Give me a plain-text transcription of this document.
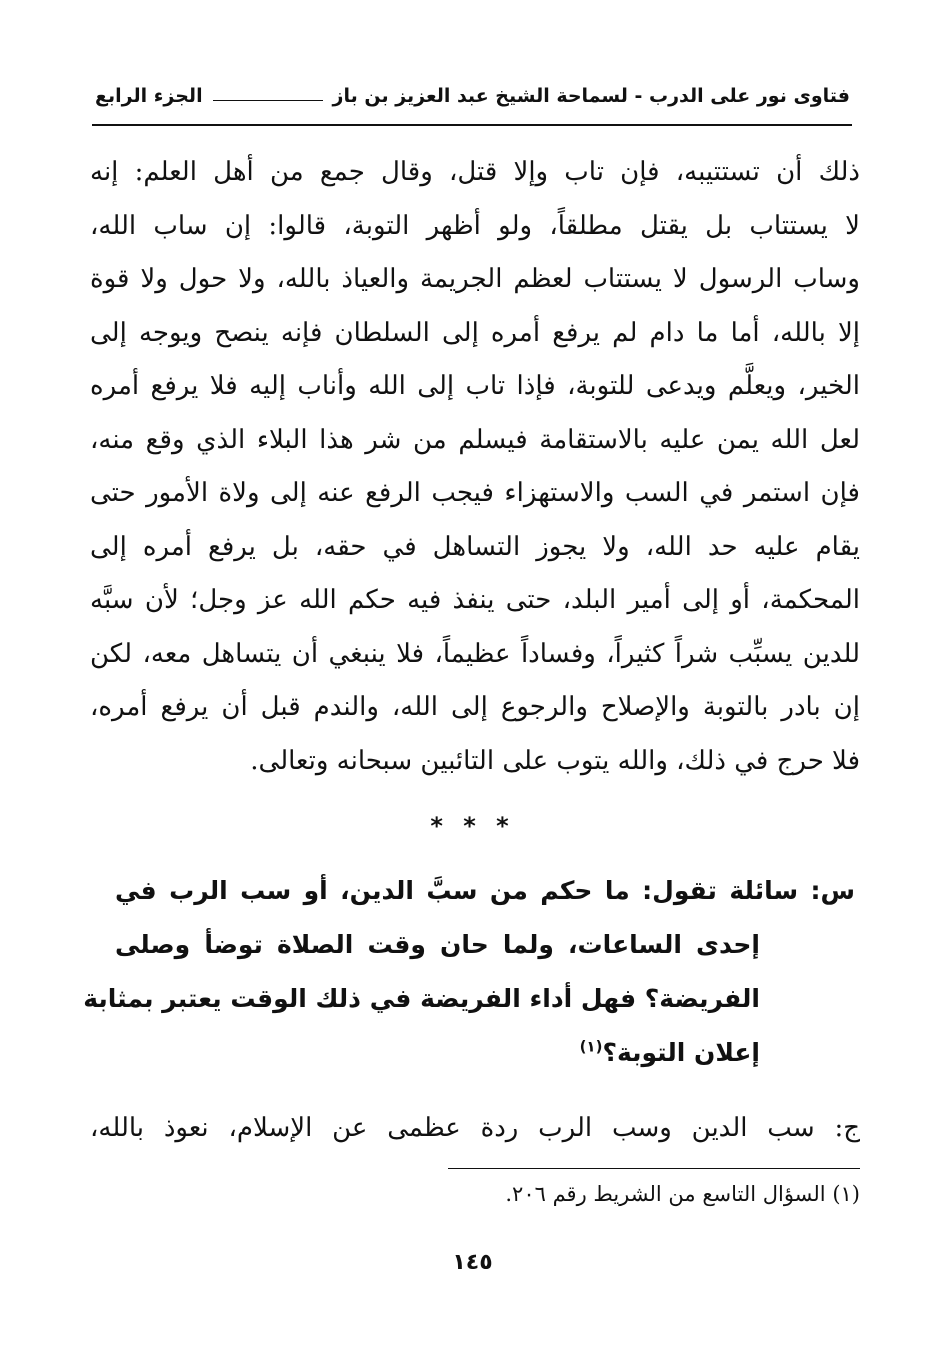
فتاوى نور على الدرب - لسماحة الشيخ عبد العزيز بن باز
الجزء الرابع
ذلك أن تستتيبه، فإن تاب وإلا قتل، وقال جمع من أهل العلم: إنه
لا يستتاب بل يقتل مطلقاً، ولو أظهر التوبة، قالوا: إن ساب الله،
وساب الرسول لا يستتاب لعظم الجريمة والعياذ بالله، ولا حول ولا قوة
إلا بالله، أما ما دام لم يرفع أمره إلى السلطان فإنه ينصح ويوجه إلى
الخير، ويعلَّم ويدعى للتوبة، فإذا تاب إلى الله وأناب إليه فلا يرفع أمره
لعل الله يمن عليه بالاستقامة فيسلم من شر هذا البلاء الذي وقع منه،
فإن استمر في السب والاستهزاء فيجب الرفع عنه إلى ولاة الأمور حتى
يقام عليه حد الله، ولا يجوز التساهل في حقه، بل يرفع أمره إلى
المحكمة، أو إلى أمير البلد، حتى ينفذ فيه حكم الله عز وجل؛ لأن سبَّه
للدين يسبِّب شراً كثيراً، وفساداً عظيماً، فلا ينبغي أن يتساهل معه، لكن
إن بادر بالتوبة والإصلاح والرجوع إلى الله، والندم قبل أن يرفع أمره،
فلا حرج في ذلك، والله يتوب على التائبين سبحانه وتعالى.
* * *
س: سائلة تقول: ما حكم من سبَّ الدين، أو سب الرب في
إحدى الساعات، ولما حان وقت الصلاة توضأ وصلى
الفريضة؟ فهل أداء الفريضة في ذلك الوقت يعتبر بمثابة
إعلان التوبة؟$^{(١)}$
ج: سب الدين وسب الرب ردة عظمى عن الإسلام، نعوذ بالله،
(١) السؤال التاسع من الشريط رقم ٢٠٦.
١٤٥
